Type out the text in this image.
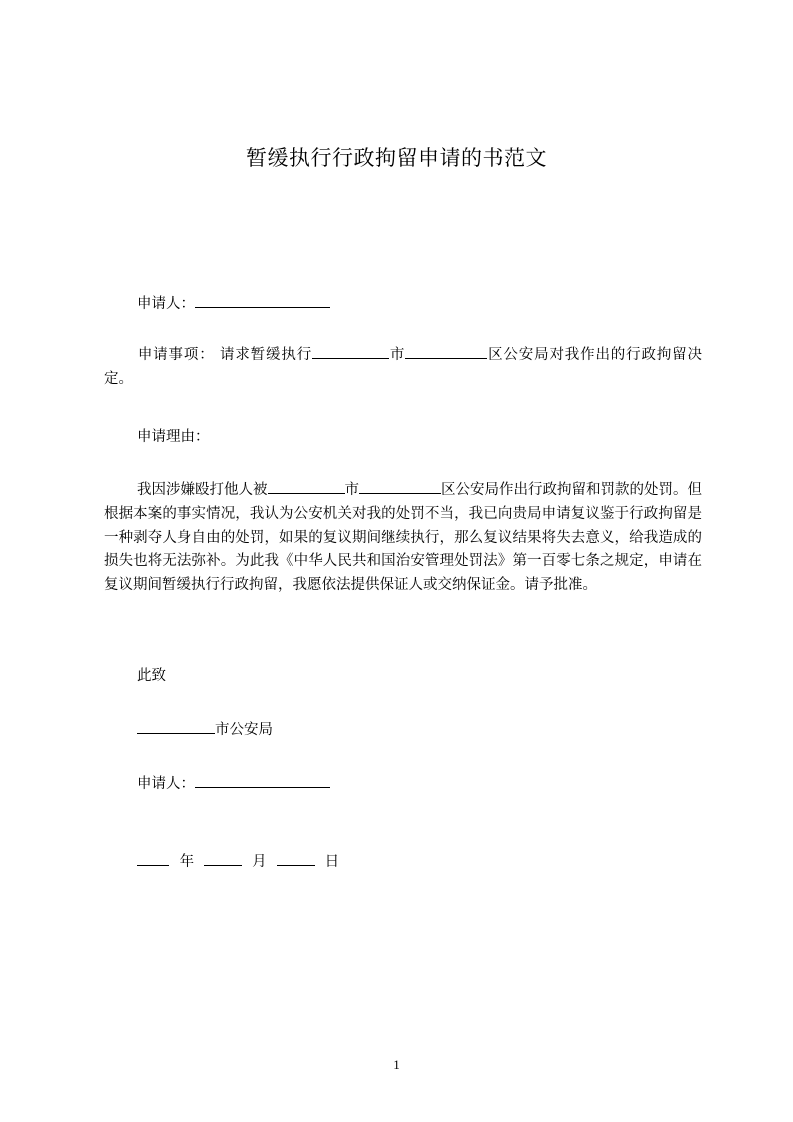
暂缓执行行政拘留申请的书范文
申请人：
申请事项： 请求暂缓执行	市	区公安局对我作出的行政拘留决定。
申请理由：
我因涉嫌殴打他人被	市	区公安局作出行政拘留和罚款的处罚。但根据本案的事实情况，我认为公安机关对我的处罚不当，我已向贵局申请复议鉴于行政拘留是一种剥夺人身自由的处罚，如果的复议期间继续执行，那么复议结果将失去意义，给我造成的损失也将无法弥补。为此我《中华人民共和国治安管理处罚法》第一百零七条之规定，申请在复议期间暂缓执行行政拘留，我愿依法提供保证人或交纳保证金。请予批准。
此致
市公安局
申请人：
年	月	日
1
